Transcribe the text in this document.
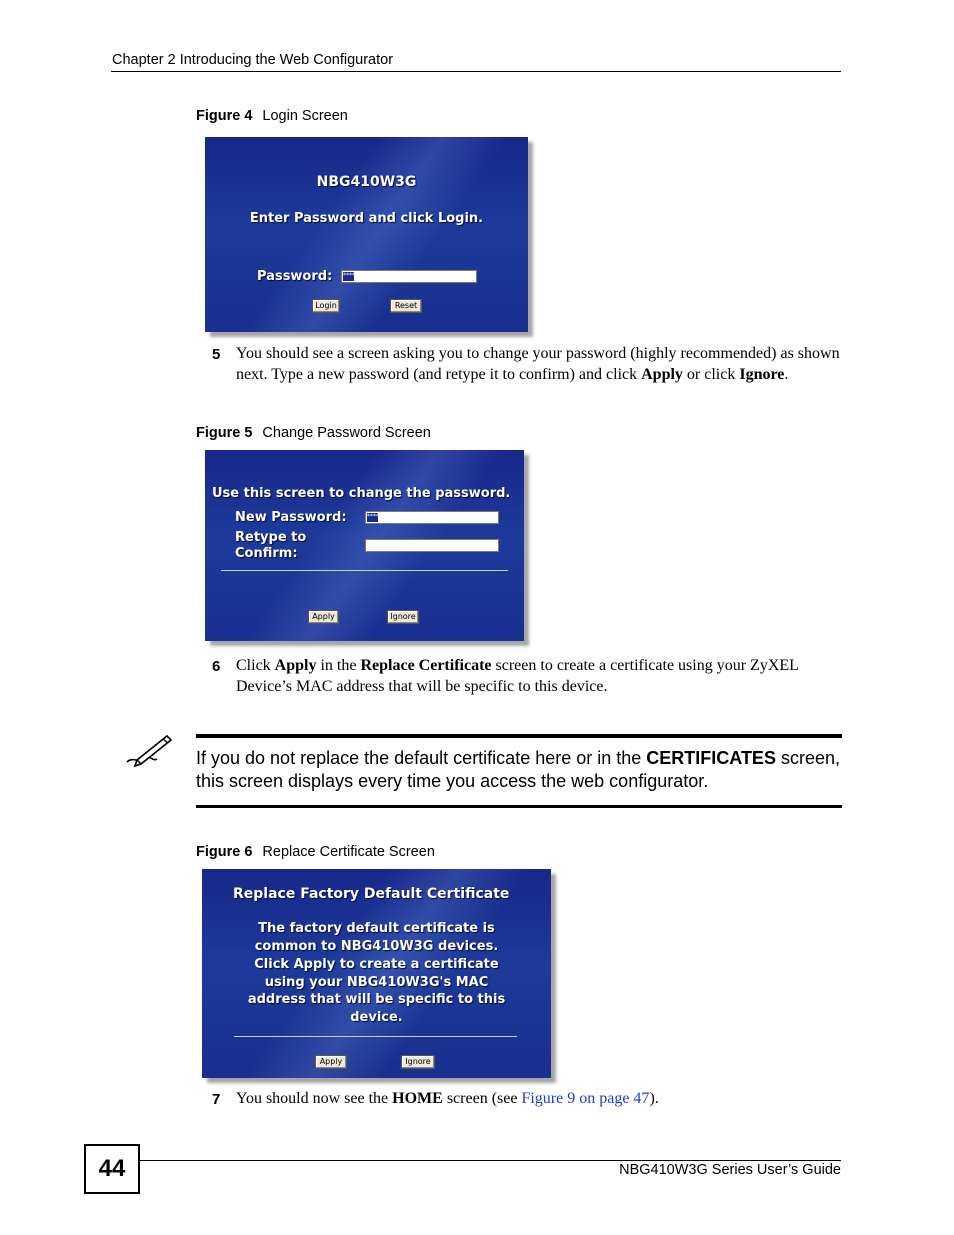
Chapter 2 Introducing the Web Configurator
Figure 4 Login Screen
NBG410W3G
Enter Password and click Login.
Password: ****
Login	Reset
5 You should see a screen asking you to change your password (highly recommended) as shown next. Type a new password (and retype it to confirm) and click Apply or click Ignore.
Figure 5 Change Password Screen
Use this screen to change the password.
New Password:	****
Retype to
Confirm:
Apply	Ignore
6 Click Apply in the Replace Certificate screen to create a certificate using your ZyXEL Device’s MAC address that will be specific to this device.
If you do not replace the default certificate here or in the CERTIFICATES screen, this screen displays every time you access the web configurator.
Figure 6 Replace Certificate Screen
Replace Factory Default Certificate
The factory default certificate is
common to NBG410W3G devices.
Click Apply to create a certificate
using your NBG410W3G's MAC
address that will be specific to this
device.
Apply	Ignore
7 You should now see the HOME screen (see Figure 9 on page 47).
44	NBG410W3G Series User’s Guide
